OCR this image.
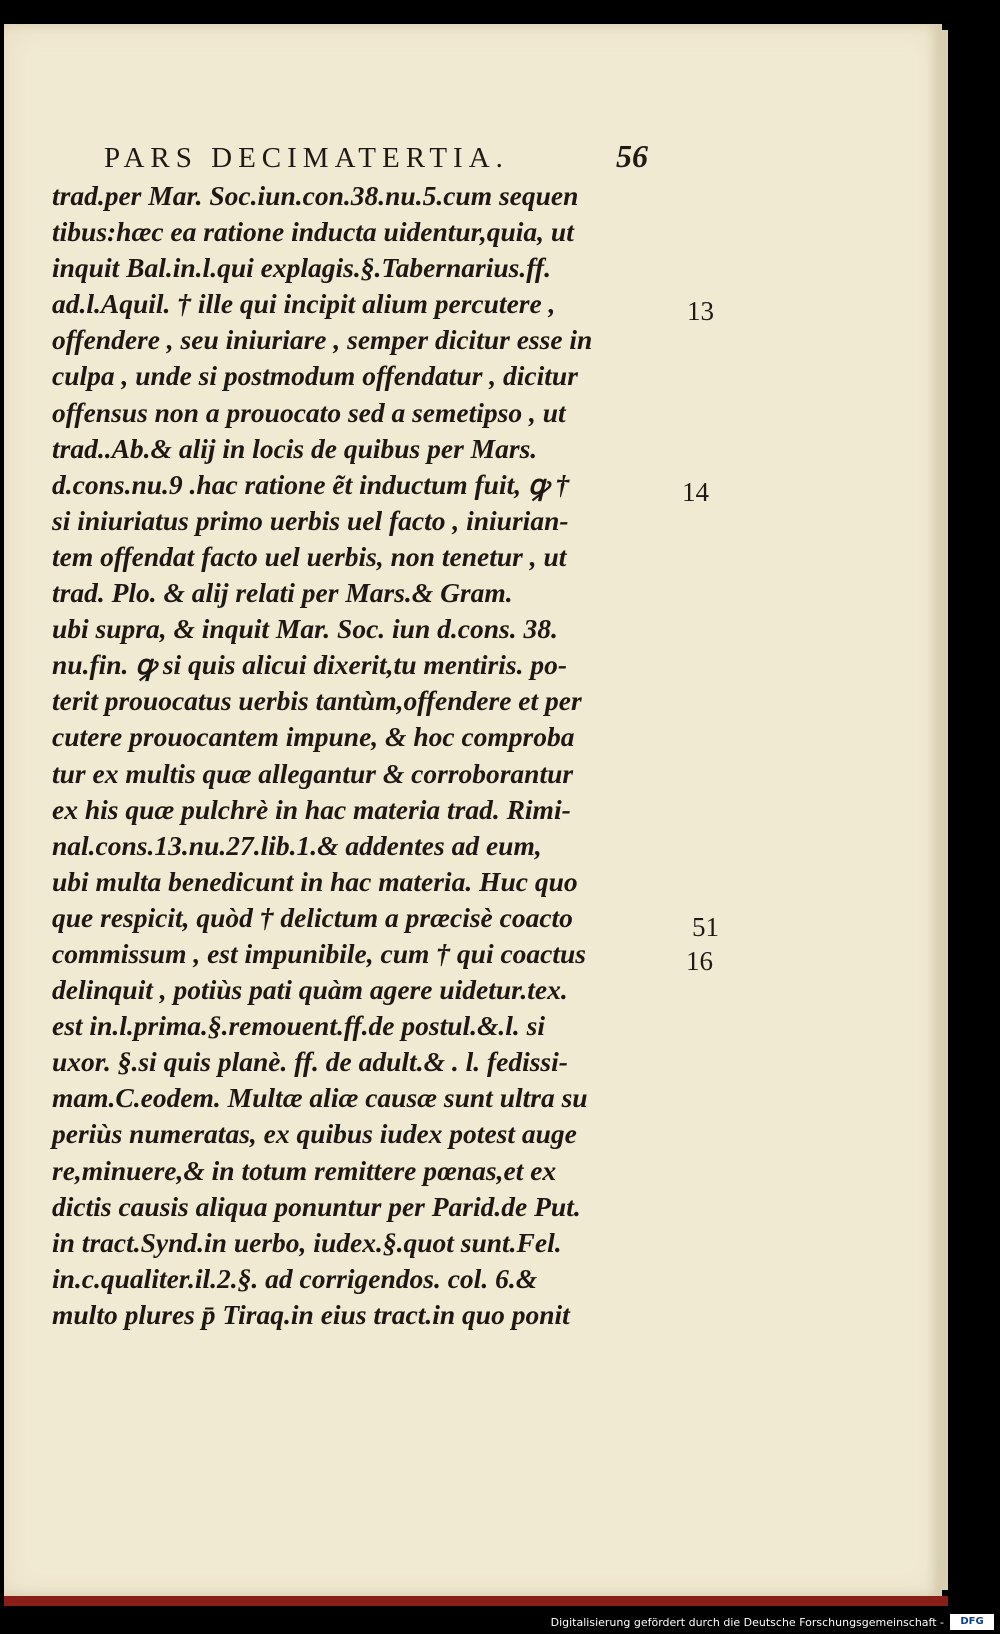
PARS DECIMATERTIA.	56
trad.per Mar. Soc.iun.con.38.nu.5.cum sequen
tibus:hæc ea ratione inducta uidentur,quia, ut
inquit Bal.in.l.qui explagis.§.Tabernarius.ff.
ad.l.Aquil. † ille qui incipit alium percutere ,
offendere , seu iniuriare , semper dicitur esse in
culpa , unde si postmodum offendatur , dicitur
offensus non a prouocato sed a semetipso , ut
trad..Ab.& alij in locis de quibus per Mars.
d.cons.nu.9 .hac ratione ẽt inductum fuit, ꝙ †
si iniuriatus primo uerbis uel facto , iniurian-
tem offendat facto uel uerbis, non tenetur , ut
trad. Plo. & alij relati per Mars.& Gram.
ubi supra, & inquit Mar. Soc. iun d.cons. 38.
nu.fin. ꝙ si quis alicui dixerit,tu mentiris. po-
terit prouocatus uerbis tantùm,offendere et per
cutere prouocantem impune, & hoc comproba
tur ex multis quæ allegantur & corroborantur
ex his quæ pulchrè in hac materia trad. Rimi-
nal.cons.13.nu.27.lib.1.& addentes ad eum,
ubi multa benedicunt in hac materia. Huc quo
que respicit, quòd † delictum a præcisè coacto
commissum , est impunibile, cum † qui coactus
delinquit , potiùs pati quàm agere uidetur.tex.
est in.l.prima.§.remouent.ff.de postul.&.l. si
uxor. §.si quis planè. ff. de adult.& . l. fedissi-
mam.C.eodem. Multæ aliæ causæ sunt ultra su
periùs numeratas, ex quibus iudex potest auge
re,minuere,& in totum remittere pœnas,et ex
dictis causis aliqua ponuntur per Parid.de Put.
in tract.Synd.in uerbo, iudex.§.quot sunt.Fel.
in.c.qualiter.il.2.§. ad corrigendos. col. 6.&
multo plures p̄ Tiraq.in eius tract.in quo ponit
13
14
51
16
Digitalisierung gefördert durch die Deutsche Forschungsgemeinschaft -	DFG
